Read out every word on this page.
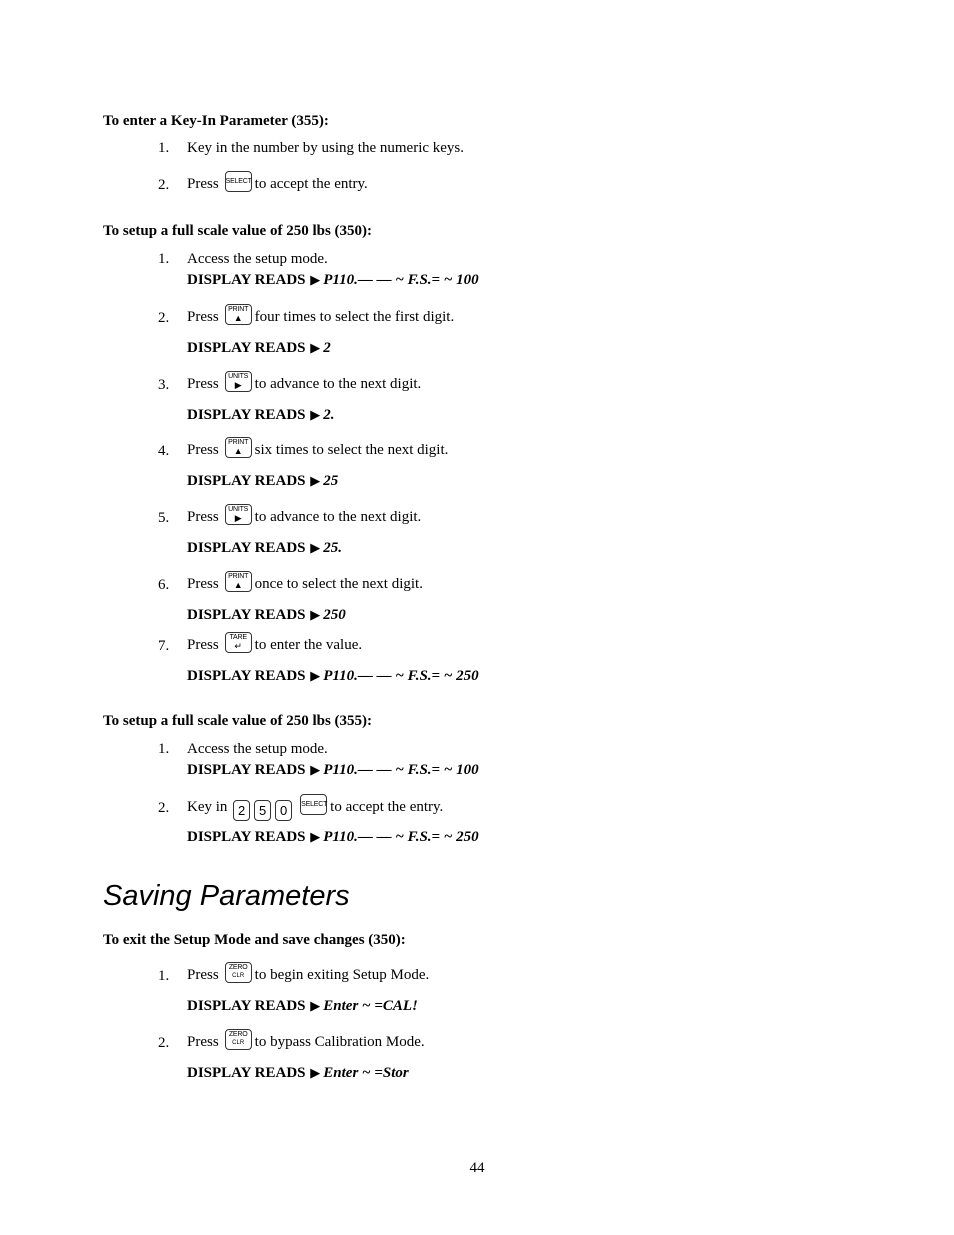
To enter a Key-In Parameter (355):
1. Key in the number by using the numeric keys.
2. Press SELECT to accept the entry.
To setup a full scale value of 250 lbs (350):
1. Access the setup mode.
DISPLAY READS ▶ P110.— — ~ F.S.= ~ 100
2. Press	PRINT
▲ four times to select the first digit.
DISPLAY READS ▶ 2
3. Press	UNITS
▶ to advance to the next digit.
DISPLAY READS ▶ 2.
4. Press	PRINT
▲ six times to select the next digit.
DISPLAY READS ▶ 25
5. Press	UNITS
▶ to advance to the next digit.
DISPLAY READS ▶ 25.
6. Press	PRINT
▲ once to select the next digit.
DISPLAY READS ▶ 250
7. Press	TARE
↵ to enter the value.
DISPLAY READS ▶ P110.— — ~ F.S.= ~ 250
To setup a full scale value of 250 lbs (355):
1. Access the setup mode.
DISPLAY READS ▶ P110.— — ~ F.S.= ~ 100
2. Key in 2 5 0 SELECT to accept the entry.
DISPLAY READS ▶ P110.— — ~ F.S.= ~ 250
Saving Parameters
To exit the Setup Mode and save changes (350):
1. Press	ZERO
CLR to begin exiting Setup Mode.
DISPLAY READS ▶ Enter ~ =CAL!
2. Press	ZERO
CLR to bypass Calibration Mode.
DISPLAY READS ▶ Enter ~ =Stor
44
